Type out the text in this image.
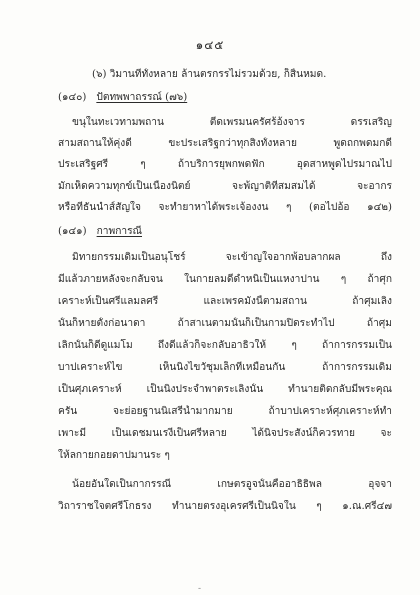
๑๔๕
(๖) วิมานที่ทั้งหลาย ล้านตรกรรไม่รวมด้วย, ก็สิ้นหมด.
(๑๔๐) ปัตทพพาถรรณ์ (๗๖)
ขนุในทะเวทามพถาน ตีดเพรมนครัศร้อ้งจาร ดรรเสริญ
สามสถานให้คุ่งดี ขะประเสริฐกว่าทุกสิ่งทั้งหลาย พูดถกพดมกดี
ประเสริฐศรี ๆ ถ้าบริการยุพกพดฟัก อุดสาหพูดไปรมาณไป
มักเห็ดความทุกข์เป็นเนื่องนิตย์ จะพ้ญาติที่สมสมได้ จะอากร
หรือที่ธันนำส์สัญใจ จะทำยาหาได้พระเจ้องงน ๆ (ตอไปอ้อ ๑๔๒)
(๑๔๑) กาพการณี
มิทายกรรมเดิมเป็นอนุโชร์ จะเข้าญใจอากพ้อบลากผล ถึง
มีแล้วภายหลังจะกลับจน ในกายลมดีดำหนิเป็นแหงาปาน ๆ ถ้าศุก
เคราะห์เป็นศรีแลมลศรี และเพรคมั่งนี้ตามสถาน ถ้าศุมเลิง
นั้นก็หายตั้งก่อนาดา ถ้าสาเนตามนั้นก็เป็นกามปิดระทำไป ถ้าศุม
เลิกนั้นก็ดีดูแมโม ถึงดีแล้วก็จะกลับอาธิวให้ ๆ ถ้าการกรรมเป็น
บาปเคราะห์ไข เห็นนิ่งไขวัชุมเล็กที่เหมือนกัน ถ้าการกรรมเดิม
เป็นศุภเคราะห์ เป็นนิ่งประจำพาตระเลิงนั้น ทำนายติดกลับมีพระคุณ
ครัน จะย่อยฐานนิเสรีน้ำมากมาย ถ้าบาปเคราะห์ศุภเคราะห์ทำ
เพาะมี เป็นเดชมนเรงีเป็นศรีหลาย ได้นิจประสังน์ก็ควรทาย จะ
ให้ลกายกอยดาปมานระ ๆ
น้อยอันใดเป็นกากรรณี เกษตรอูจนั้นคืออาธิธิพล อุจจา
วิถาราชใจตศรีโกธรง ทำนายตรงอุเครศรีเป็นนิจใน ๆ ๑.ณ.ศรี๔๗
-
